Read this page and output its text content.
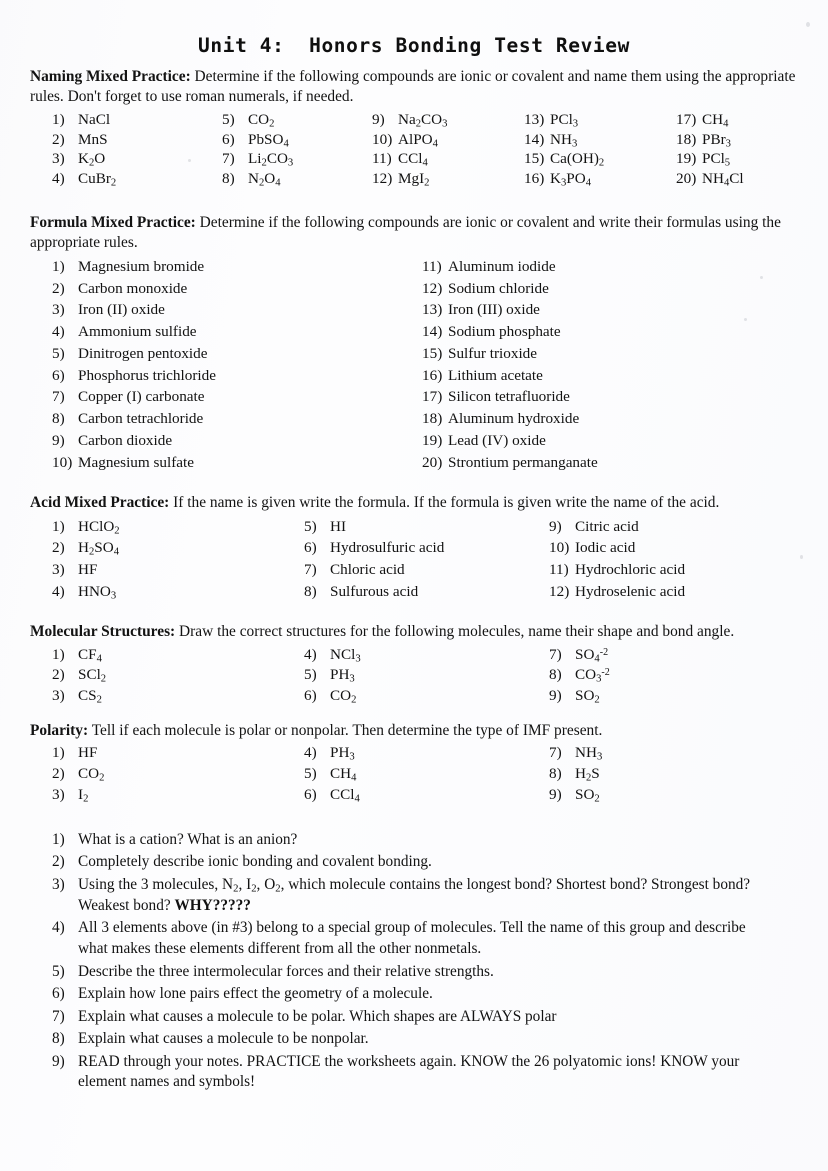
Unit 4:  Honors Bonding Test Review
Naming Mixed Practice: Determine if the following compounds are ionic or covalent and name them using the appropriate rules. Don't forget to use roman numerals, if needed.
1) NaCl
2) MnS
3) $K_2O$
4) CuBr$_2$
5) $CO_2$
6) PbSO$_4$
7) $Li_2CO_3$
8) $N_2O_4$
9) $Na_2CO_3$
10) AlPO$_4$
11) CCl$_4$
12) MgI$_2$
13) PCl$_3$
14) $NH_3$
15) $Ca(OH)_2$
16) $K_3PO_4$
17) $CH_4$
18) PBr$_3$
19) PCl$_5$
20) $NH_4Cl$
Formula Mixed Practice: Determine if the following compounds are ionic or covalent and write their formulas using the appropriate rules.
1) Magnesium bromide
2) Carbon monoxide
3) Iron (II) oxide
4) Ammonium sulfide
5) Dinitrogen pentoxide
6) Phosphorus trichloride
7) Copper (I) carbonate
8) Carbon tetrachloride
9) Carbon dioxide
10) Magnesium sulfate
11) Aluminum iodide
12) Sodium chloride
13) Iron (III) oxide
14) Sodium phosphate
15) Sulfur trioxide
16) Lithium acetate
17) Silicon tetrafluoride
18) Aluminum hydroxide
19) Lead (IV) oxide
20) Strontium permanganate
Acid Mixed Practice: If the name is given write the formula. If the formula is given write the name of the acid.
1) HClO$_2$
2) $H_2SO_4$
3) HF
4) $HNO_3$
5) HI
6) Hydrosulfuric acid
7) Chloric acid
8) Sulfurous acid
9) Citric acid
10) Iodic acid
11) Hydrochloric acid
12) Hydroselenic acid
Molecular Structures: Draw the correct structures for the following molecules, name their shape and bond angle.
1) $CF_4$
2) SCl$_2$
3) $CS_2$
4) NCl$_3$
5) $PH_3$
6) $CO_2$
7) $SO_4^{-2}$
8) $CO_3^{-2}$
9) $SO_2$
Polarity: Tell if each molecule is polar or nonpolar. Then determine the type of IMF present.
1) HF
2) $CO_2$
3) $I_2$
4) $PH_3$
5) $CH_4$
6) CCl$_4$
7) $NH_3$
8) $H_2S$
9) $SO_2$
1) What is a cation? What is an anion?
2) Completely describe ionic bonding and covalent bonding.
3) Using the 3 molecules, $N_2$, $I_2$, $O_2$, which molecule contains the longest bond? Shortest bond? Strongest bond? Weakest bond? WHY?????
4) All 3 elements above (in #3) belong to a special group of molecules. Tell the name of this group and describe what makes these elements different from all the other nonmetals.
5) Describe the three intermolecular forces and their relative strengths.
6) Explain how lone pairs effect the geometry of a molecule.
7) Explain what causes a molecule to be polar. Which shapes are ALWAYS polar
8) Explain what causes a molecule to be nonpolar.
9) READ through your notes. PRACTICE the worksheets again. KNOW the 26 polyatomic ions! KNOW your element names and symbols!
